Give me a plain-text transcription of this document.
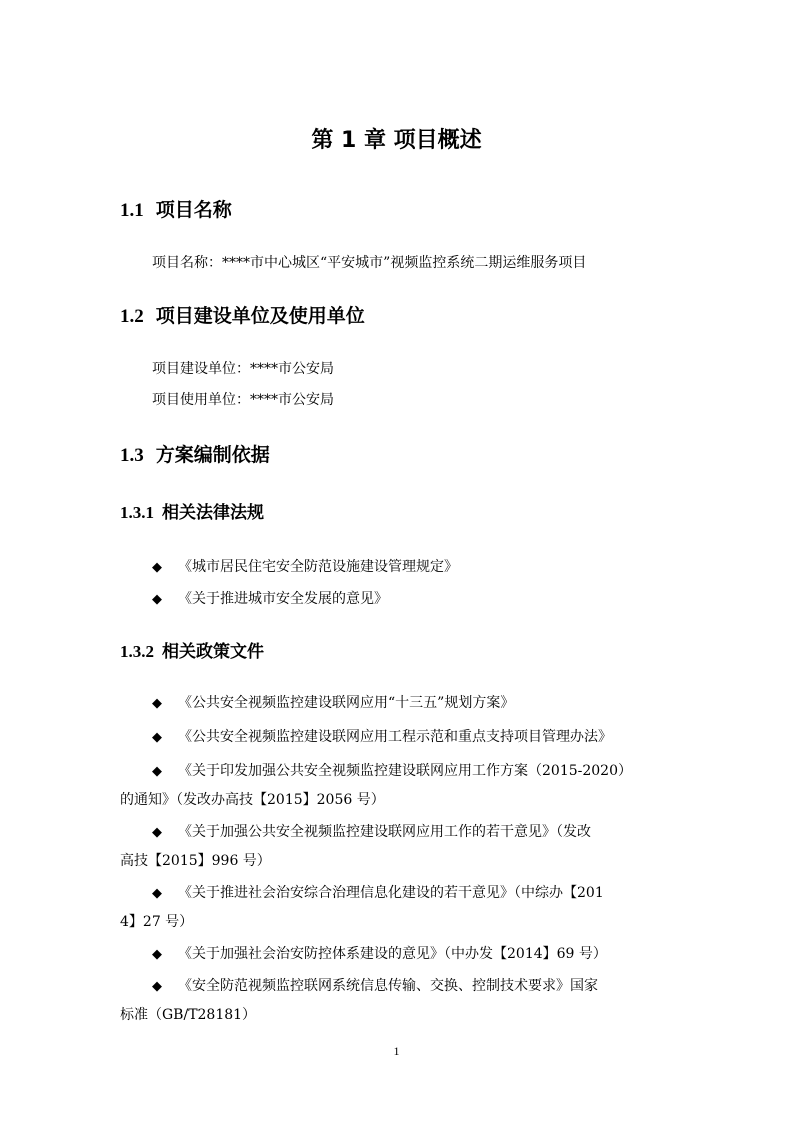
第 1 章 项目概述
1.1 项目名称
项目名称：****市中心城区“平安城市”视频监控系统二期运维服务项目
1.2 项目建设单位及使用单位
项目建设单位：****市公安局
项目使用单位：****市公安局
1.3 方案编制依据
1.3.1 相关法律法规
◆ 《城市居民住宅安全防范设施建设管理规定》
◆ 《关于推进城市安全发展的意见》
1.3.2 相关政策文件
◆ 《公共安全视频监控建设联网应用“十三五”规划方案》
◆ 《公共安全视频监控建设联网应用工程示范和重点支持项目管理办法》
◆ 《关于印发加强公共安全视频监控建设联网应用工作方案（2015-2020）
的通知》（发改办高技【2015】2056 号）
◆ 《关于加强公共安全视频监控建设联网应用工作的若干意见》（发改
高技【2015】996 号）
◆ 《关于推进社会治安综合治理信息化建设的若干意见》（中综办【201
4】27 号）
◆ 《关于加强社会治安防控体系建设的意见》（中办发【2014】69 号）
◆ 《安全防范视频监控联网系统信息传输、交换、控制技术要求》国家
标准（GB/T28181）
1
